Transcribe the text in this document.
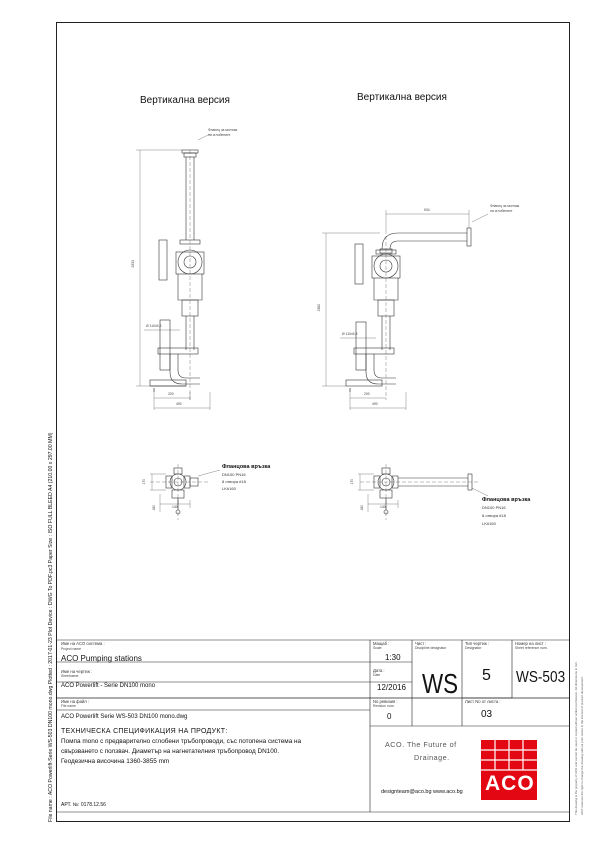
File name : ACO Powerlift-Serie WS-503 DN100 mono.dwg Plotted : 2017-01-23 Plot Device : DWG To PDF.pc3 Paper Size : ISO FULL BLEED A4 (210.00 x 297.00 MM)	This drawing is the property of ACO and cannot be used or copied without written permission. All dimensions in mm. ACO reserves the right to change the drawing without prior notice in the interest of product development.
Вертикална версия	Вертикална версия
Фланец за монтаж
на сглобените
Фланец за монтаж
на сглобените
2533
Ø 110x5,3
200
490
1982
Ø 110x5,3
200
490
534
170
180	140
170
180	140
Фланцова връзка
DN100 PN16
8 отвора #18
LK#160
Фланцова връзка
DN100 PN16
8 отвора #18
LK#160
Име на ACO система :
Project name
ACO Pumping stations
Име на чертеж :
Sheetname
ACO Powerlift - Serie DN100 mono
Име на файл :
File name
ACO Powerlift Serie WS-503 DN100 mono.dwg
Мащаб :
Scale
1:30
Дата :
Date
12/2016
No ревизия :
Revision num.
0
Чист :
Discipline designator
WS
Тип чертеж :
Designator
5
Лист No от листа :
03
Номер на лист :
Sheet reference num.
WS-503
ТЕХНИЧЕСКА СПЕЦИФИКАЦИЯ НА ПРОДУКТ:
Помпа mono с предварително сглобени тръбопроводи, със потопена система на
свързването с ползвач. Диаметър на нагнетателния тръбопровод DN100.
Геодезична височина 1360-3855 mm
АРТ. №: 0178.12.56
ACO. The Future of
Drainage.
designteam@aco.bg www.aco.bg ACO
